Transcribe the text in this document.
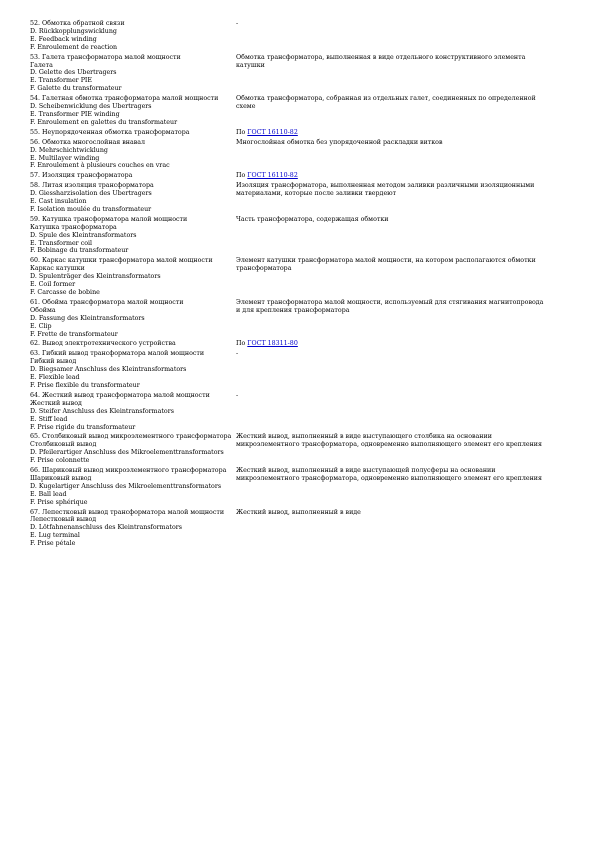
52. Обмотка обратной связи
D. Rückkopplungswicklung
E. Feedback winding
F. Enroulement de reaction
-
53. Галета трансформатора малой мощности
Галета
D. Gelette des Ubertragers
E. Transformer PIE
F. Galette du transformateur
Обмотка трансформатора, выполненная в виде отдельного конструктивного элемента катушки
54. Галетная обмотка трансформатора малой мощности
D. Scheibenwicklung des Ubertragers
E. Transformer PIE winding
F. Enroulement en galettes du transformateur
Обмотка трансформатора, собранная из отдельных галет, соединенных по определенной схеме
55. Неупорядоченная обмотка трансформатора	По ГОСТ 16110-82
56. Обмотка многослойная внавал
D. Mehrschichtwicklung
E. Multilayer winding
F. Enroulement à plusieurs couches en vrac
Многослойная обмотка без упорядоченной раскладки витков
57. Изоляция трансформатора	По ГОСТ 16110-82
58. Литая изоляция трансформатора
D. Giessharzisolation des Ubertragers
E. Cast insulation
F. Isolation moulée du transformateur
Изоляция трансформатора, выполненная методом заливки различными изоляционными материалами, которые после заливки твердеют
59. Катушка трансформатора малой мощности
Катушка трансформатора
D. Spule des Kleintransformators
E. Transformer coil
F. Bobinage du transformateur
Часть трансформатора, содержащая обмотки
60. Каркас катушки трансформатора малой мощности
Каркас катушки
D. Spulenträger des Kleintransformators
E. Coil former
F. Carcasse de bobine
Элемент катушки трансформатора малой мощности, на котором располагаются обмотки трансформатора
61. Обойма трансформатора малой мощности
Обойма
D. Fassung des Kleintransformators
E. Clip
F. Frette de transformateur
Элемент трансформатора малой мощности, используемый для стягивания магнитопровода и для крепления трансформатора
62. Вывод электротехнического устройства	По ГОСТ 18311-80
63. Гибкий вывод трансформатора малой мощности
Гибкий вывод
D. Biegsamer Anschluss des Kleintransformators
E. Flexible lead
F. Prise flexible du transformateur
-
64. Жесткий вывод трансформатора малой мощности
Жесткий вывод
D. Steifer Anschluss des Kleintransformators
E. Stiff lead
F. Prise rigide du transformateur
-
65. Столбиковый вывод микроэлементного трансформатора
Столбиковый вывод
D. Pfeilerartiger Anschluss des Mikroelementtransformators
F. Prise colonnette
Жесткий вывод, выполненный в виде выступающего столбика на основании микроэлементного трансформатора, одновременно выполняющего элемент его крепления
66. Шариковый вывод микроэлементного трансформатора
Шариковый вывод
D. Kugelartiger Anschluss des Mikroelementtransformators
E. Ball lead
F. Prise sphérique
Жесткий вывод, выполненный в виде выступающей полусферы на основании микроэлементного трансформатора, одновременно выполняющего элемент его крепления
67. Лепестковый вывод трансформатора малой мощности
Лепестковый вывод
D. Lötfahnenanschluss des Kleintransformators
E. Lug terminal
F. Prise pétale
Жесткий вывод, выполненный в виде
